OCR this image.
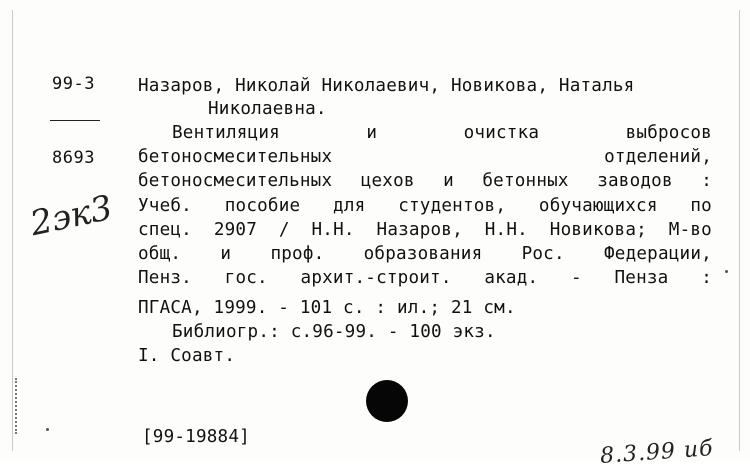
99-3
8693
2эк3
Назаров, Николай Николаевич, Новикова, Наталья
Николаевна.
Вентиляция	и	очистка	выбросов
бетоносмесительных	отделений,
бетоносмесительных цехов и бетонных заводов :
Учеб. пособие для студентов, обучающихся по
спец. 2907 / Н.Н. Назаров, Н.Н. Новикова; М-во
общ. и проф. образования Рос. Федерации,
Пенз. гос. архит.-строит. акад. - Пенза :
ПГАСА, 1999. - 101 с. : ил.; 21 см.
Библиогр.: с.96-99. - 100 экз.
I. Соавт.
[99-19884]	8.3.99 иб
